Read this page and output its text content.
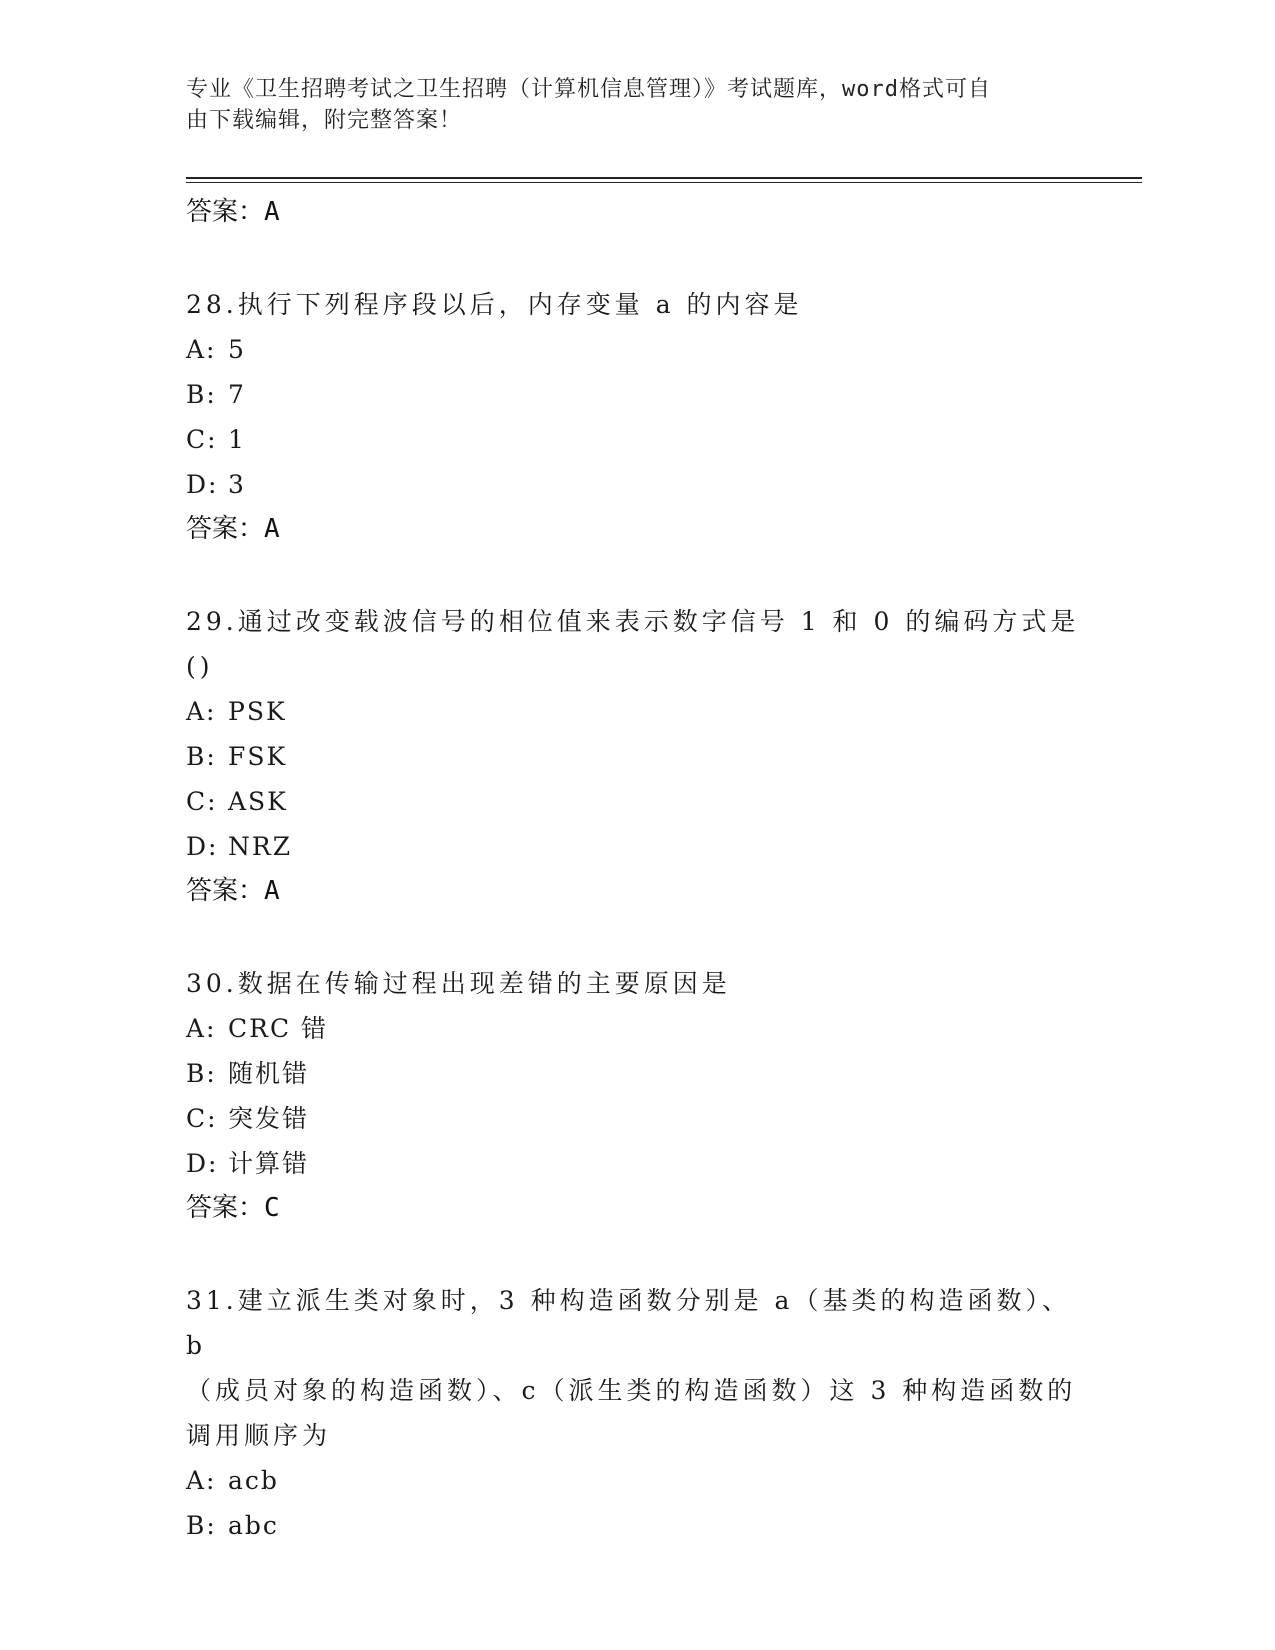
专业《卫生招聘考试之卫生招聘（计算机信息管理）》考试题库，word格式可自
由下载编辑，附完整答案！
答案：A
28.执行下列程序段以后，内存变量 a 的内容是
A: 5
B: 7
C: 1
D: 3
答案：A
29.通过改变载波信号的相位值来表示数字信号 1 和 0 的编码方式是()
A: PSK
B: FSK
C: ASK
D: NRZ
答案：A
30.数据在传输过程出现差错的主要原因是
A: CRC 错
B: 随机错
C: 突发错
D: 计算错
答案：C
31.建立派生类对象时，3 种构造函数分别是 a（基类的构造函数）、b
（成员对象的构造函数）、c（派生类的构造函数）这 3 种构造函数的
调用顺序为
A: acb
B: abc
